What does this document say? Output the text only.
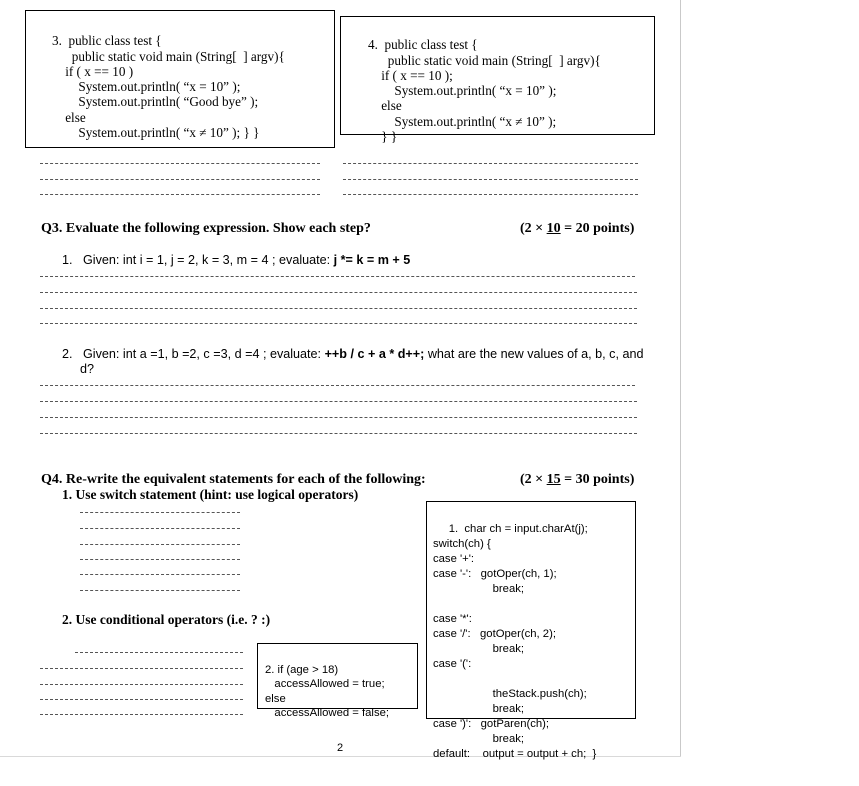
3.  public class test {
public static void main (String[  ] argv){
if ( x == 10 )
System.out.println( “x = 10” );
System.out.println( “Good bye” );
else
System.out.println( “x ≠ 10” ); } }

4.  public class test {
public static void main (String[  ] argv){
if ( x == 10 );
System.out.println( “x = 10” );
else
System.out.println( “x ≠ 10” );
} }

Q3. Evaluate the following expression. Show each step?	(2 × 10 = 20 points)
1. Given: int i = 1, j = 2, k = 3, m = 4 ; evaluate: j *= k = m + 5
2. Given: int a =1, b =2, c =3, d =4 ; evaluate: ++b / c + a * d++; what are the new values of a, b, c, and
d?
Q4. Re-write the equivalent statements for each of the following:	(2 × 15 = 30 points)
1. Use switch statement (hint: use logical operators)
2. Use conditional operators (i.e. ? :)

1.  char ch = input.charAt(j);
switch(ch) {
case '+':
case '-':   gotOper(ch, 1);
break;

case '*':
case '/':   gotOper(ch, 2);
break;
case '(':

theStack.push(ch);
break;
case ')':   gotParen(ch);
break;
default:    output = output + ch;  }

2. if (age > 18)
accessAllowed = true;
else
accessAllowed = false;

2
